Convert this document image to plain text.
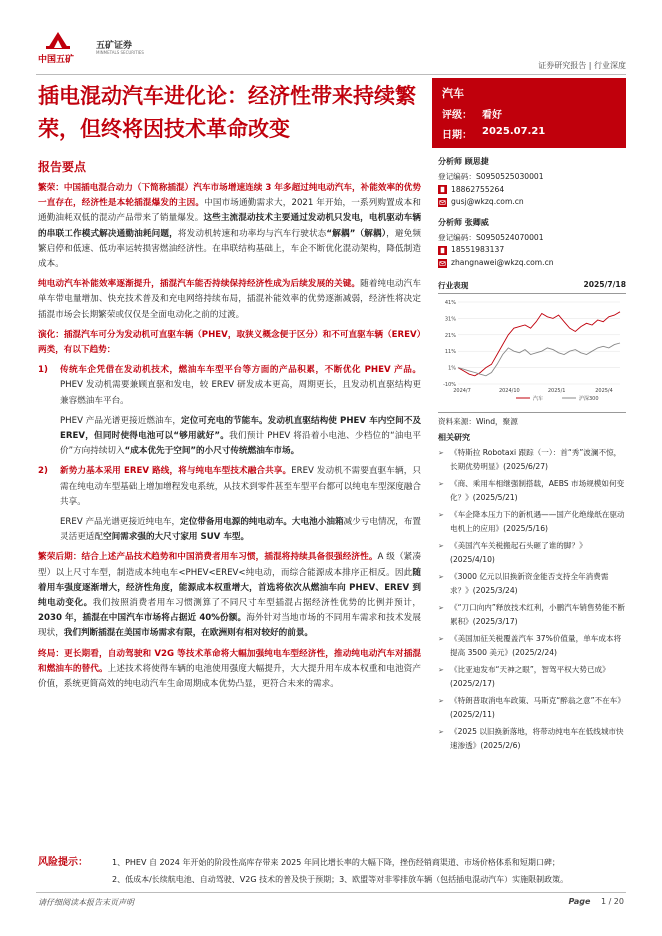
中国五矿
五矿证券
MINMETALS SECURITIES
证券研究报告 | 行业深度
插电混动汽车进化论：经济性带来持续繁荣，但终将因技术革命改变
汽车
评级： 看好
日期： 2025.07.21
报告要点

繁荣：中国插电混合动力（下简称插混）汽车市场增速连续 3 年多超过纯电动汽车，补能效率的优势一直存在，经济性是本轮插混爆发的主因。中国市场通勤需求大，2021 年开始，一系列购置成本和通勤油耗双低的混动产品带来了销量爆发。这些主流混动技术主要通过发动机只发电，电机驱动车辆的串联工作模式解决通勤油耗问题，将发动机转速和功率均与汽车行驶状态“解耦”（解耦），避免频繁启停和低速、低功率运转损害燃油经济性。在串联结构基础上，车企不断优化混动架构，降低制造成本。

纯电动汽车补能效率逐渐提升，插混汽车能否持续保持经济性成为后续发展的关键。随着纯电动汽车单车带电量增加、快充技术普及和充电网络持续布局，插混补能效率的优势逐渐减弱，经济性将决定插混市场会长期繁荣或仅仅是全面电动化之前的过渡。

演化：插混汽车可分为发动机可直驱车辆（PHEV，取狭义概念便于区分）和不可直驱车辆（EREV）两类，有以下趋势：

1)	传统车企凭借在发动机技术，燃油车车型平台等方面的产品积累，不断优化 PHEV 产品。PHEV 发动机需要兼顾直驱和发电，较 EREV 研发成本更高，周期更长，且发动机直驱结构更兼容燃油车平台。

PHEV 产品光谱更接近燃油车，定位可充电的节能车。发动机直驱结构使 PHEV 车内空间不及 EREV，但同时使得电池可以“够用就好”。我们预计 PHEV 将沿着小电池、少档位的“油电平价”方向持续切入“成本优先于空间”的小尺寸传统燃油车市场。

2)	新势力基本采用 EREV 路线，将与纯电车型技术融合共享。EREV 发动机不需要直驱车辆，只需在纯电动车型基础上增加增程发电系统，从技术到零件甚至车型平台都可以纯电车型深度融合共享。

EREV 产品光谱更接近纯电车，定位带备用电源的纯电动车。大电池小油箱减少亏电情况，布置灵活更适配空间需求强的大尺寸家用 SUV 车型。

繁荣后期：结合上述产品技术趋势和中国消费者用车习惯，插混将持续具备很强经济性。A 级（紧凑型）以上尺寸车型，制造成本纯电车<PHEV<EREV<纯电动，而综合能源成本排序正相反。因此随着用车强度逐渐增大，经济性角度，能源成本权重增大，首选将依次从燃油车向 PHEV、EREV 到纯电动变化。我们按照消费者用车习惯测算了不同尺寸车型插混占据经济性优势的比例并预计，2030 年，插混在中国汽车市场将占据近 40%份额。海外针对当地市场的不同用车需求和技术发展现状，我们判断插混在美国市场需求有限，在欧洲则有相对较好的前景。

终局：更长期看，自动驾驶和 V2G 等技术革命将大幅加强纯电车型经济性，推动纯电动汽车对插混和燃油车的替代。上述技术将使得车辆的电池使用强度大幅提升，大大提升用车成本权重和电池资产价值，系统更简高效的纯电动汽车生命周期成本优势凸显，更符合未来的需求。

分析师 顾思捷
登记编码：S0950525030001
18862755264
gusj@wkzq.com.cn
分析师 张卿威
登记编码：S0950524070001
18551983137
zhangnawei@wkzq.com.cn
行业表现	2025/7/18
41%
31%
21%
11%
1%
-10%
2024/7	2024/10	2025/1	2025/4
汽车	沪深300
资料来源：Wind，聚源
相关研究
➢ 《特斯拉 Robotaxi 跟踪（一）：首“秀”波澜不惊，长期优势明显》(2025/6/27)
➢ 《商、乘用车相继强制搭载，AEBS 市场规模如何变化？》(2025/5/21)
➢ 《车企降本压力下的新机遇——国产化绝缘纸在驱动电机上的应用》(2025/5/16)
➢ 《美国汽车关税搬起石头砸了谁的脚？》(2025/4/10)
➢ 《3000 亿元以旧换新资金能否支持全年消费需求？》(2025/3/24)
➢ 《“刀口向内”释放技术红利，小鹏汽车销售势能不断累积》(2025/3/17)
➢ 《美国加征关税覆盖汽车 37%价值量，单车成本将提高 3500 美元》(2025/2/24)
➢ 《比亚迪发布“天神之眼”，智驾平权大势已成》(2025/2/17)
➢ 《特朗普取消电车政策、马斯克“醉翁之意”不在车》(2025/2/11)
➢ 《2025 以旧换新落地，将带动纯电车在低线城市快速渗透》(2025/2/6)
风险提示：	1、PHEV 自 2024 年开始的阶段性高库存带来 2025 年同比增长率的大幅下降，挫伤经销商渠道、市场价格体系和短期口碑；
2、低成本/长续航电池、自动驾驶、V2G 技术的普及快于预期；3、欧盟等对非零排放车辆（包括插电混动汽车）实施限制政策。
请仔细阅读本报告末页声明	Page 1 / 20
